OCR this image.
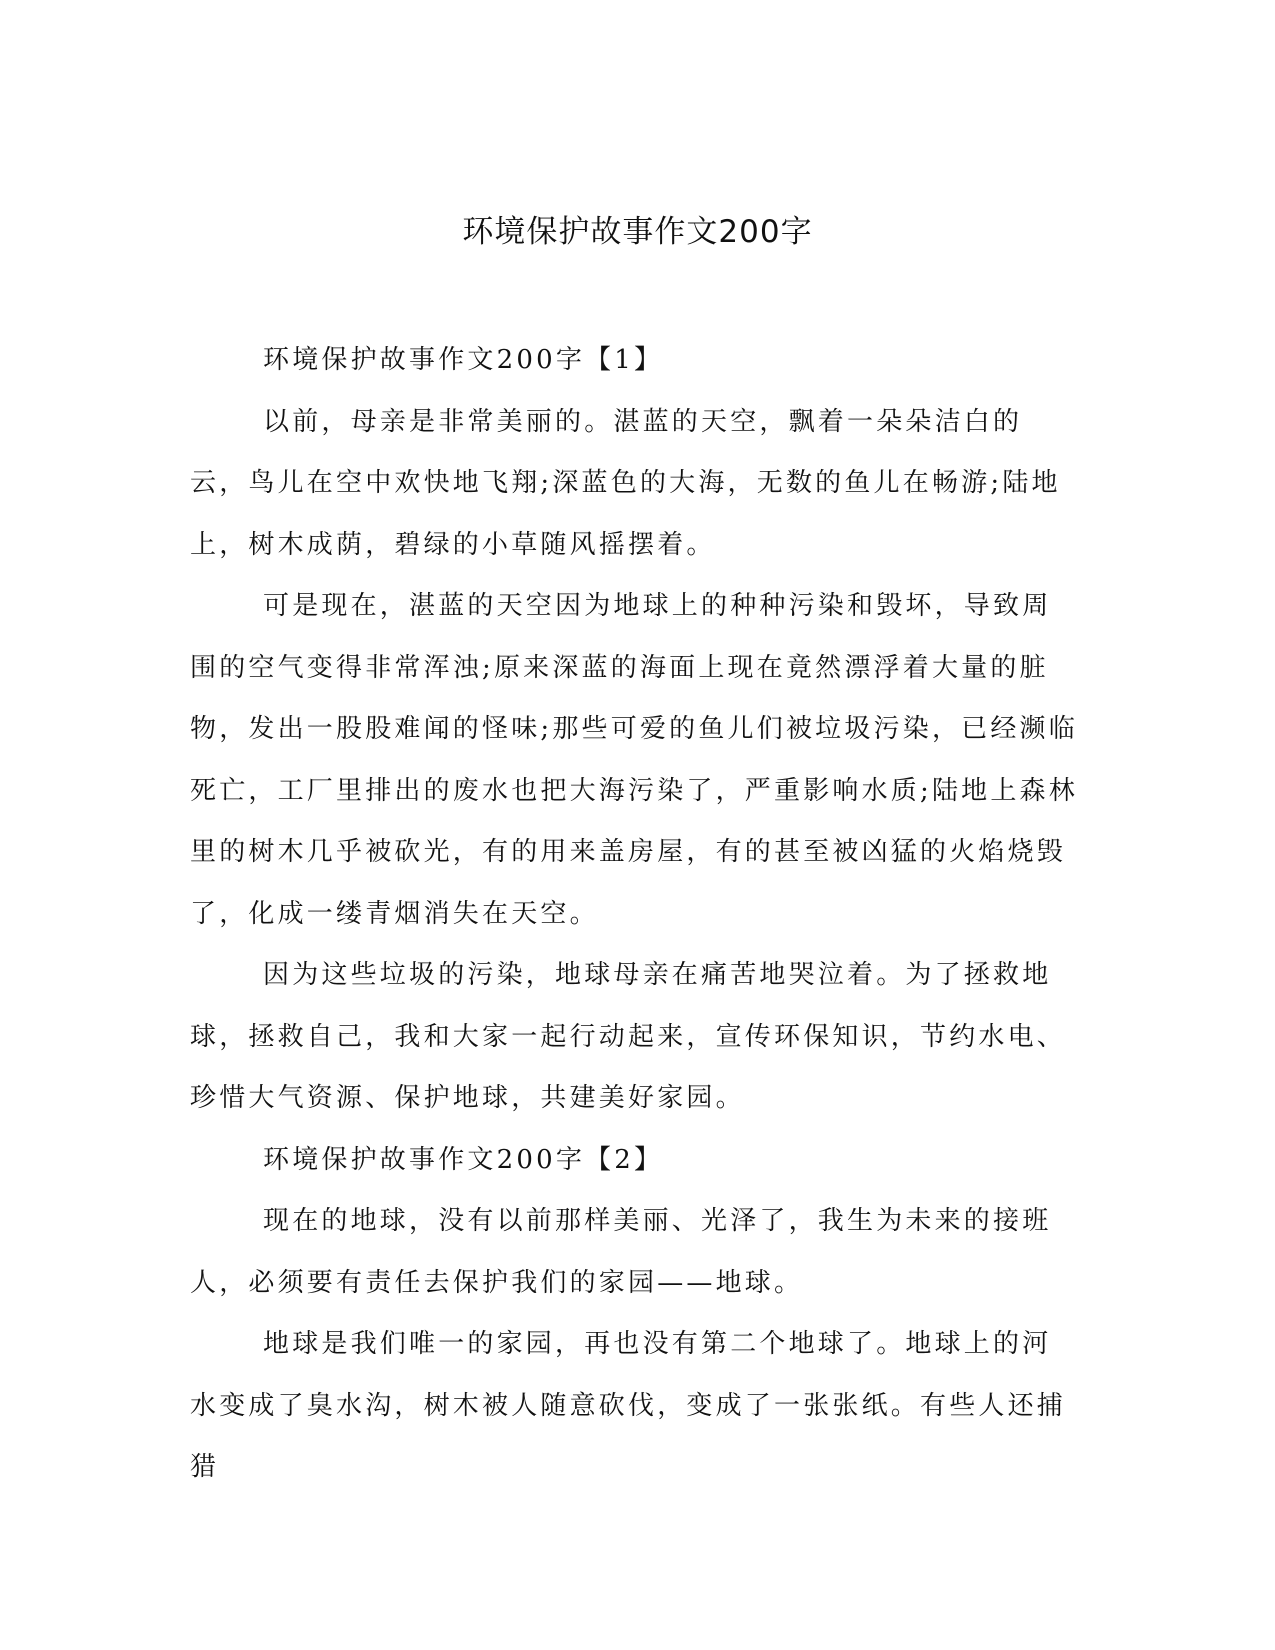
环境保护故事作文200字

环境保护故事作文200字【1】

以前，母亲是非常美丽的。湛蓝的天空，飘着一朵朵洁白的云，鸟儿在空中欢快地飞翔;深蓝色的大海，无数的鱼儿在畅游;陆地上，树木成荫，碧绿的小草随风摇摆着。

可是现在，湛蓝的天空因为地球上的种种污染和毁坏，导致周围的空气变得非常浑浊;原来深蓝的海面上现在竟然漂浮着大量的脏物，发出一股股难闻的怪味;那些可爱的鱼儿们被垃圾污染，已经濒临死亡，工厂里排出的废水也把大海污染了，严重影响水质;陆地上森林里的树木几乎被砍光，有的用来盖房屋，有的甚至被凶猛的火焰烧毁了，化成一缕青烟消失在天空。

因为这些垃圾的污染，地球母亲在痛苦地哭泣着。为了拯救地球，拯救自己，我和大家一起行动起来，宣传环保知识，节约水电、珍惜大气资源、保护地球，共建美好家园。

环境保护故事作文200字【2】

现在的地球，没有以前那样美丽、光泽了，我生为未来的接班人，必须要有责任去保护我们的家园——地球。

地球是我们唯一的家园，再也没有第二个地球了。地球上的河水变成了臭水沟，树木被人随意砍伐，变成了一张张纸。有些人还捕猎
